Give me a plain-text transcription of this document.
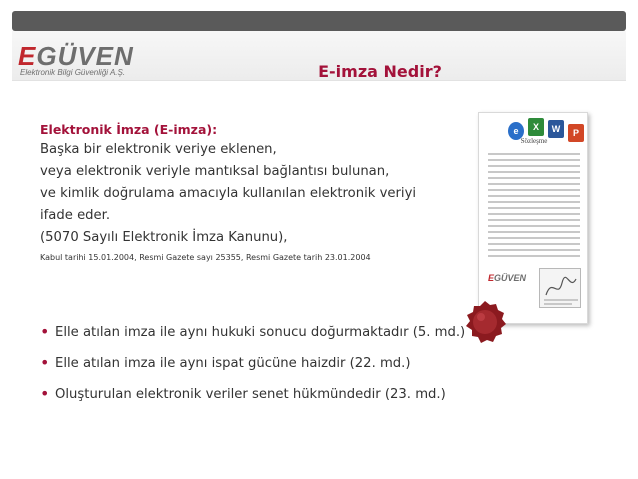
EGÜVEN
Elektronik Bilgi Güvenliği A.Ş.	E-imza Nedir?
Elektronik İmza (E-imza):
Başka bir elektronik veriye eklenen,
veya elektronik veriyle mantıksal bağlantısı bulunan,
ve kimlik doğrulama amacıyla kullanılan elektronik veriyi
ifade eder.
(5070 Sayılı Elektronik İmza Kanunu),
Kabul tarihi 15.01.2004, Resmi Gazete sayı 25355, Resmi Gazete tarih 23.01.2004
• Elle atılan imza ile aynı hukuki sonucu doğurmaktadır (5. md.)
• Elle atılan imza ile aynı ispat gücüne haizdir (22. md.)
• Oluşturulan elektronik veriler senet hükmündedir (23. md.)
Sözleşme
EGÜVEN
e	X	W	P
